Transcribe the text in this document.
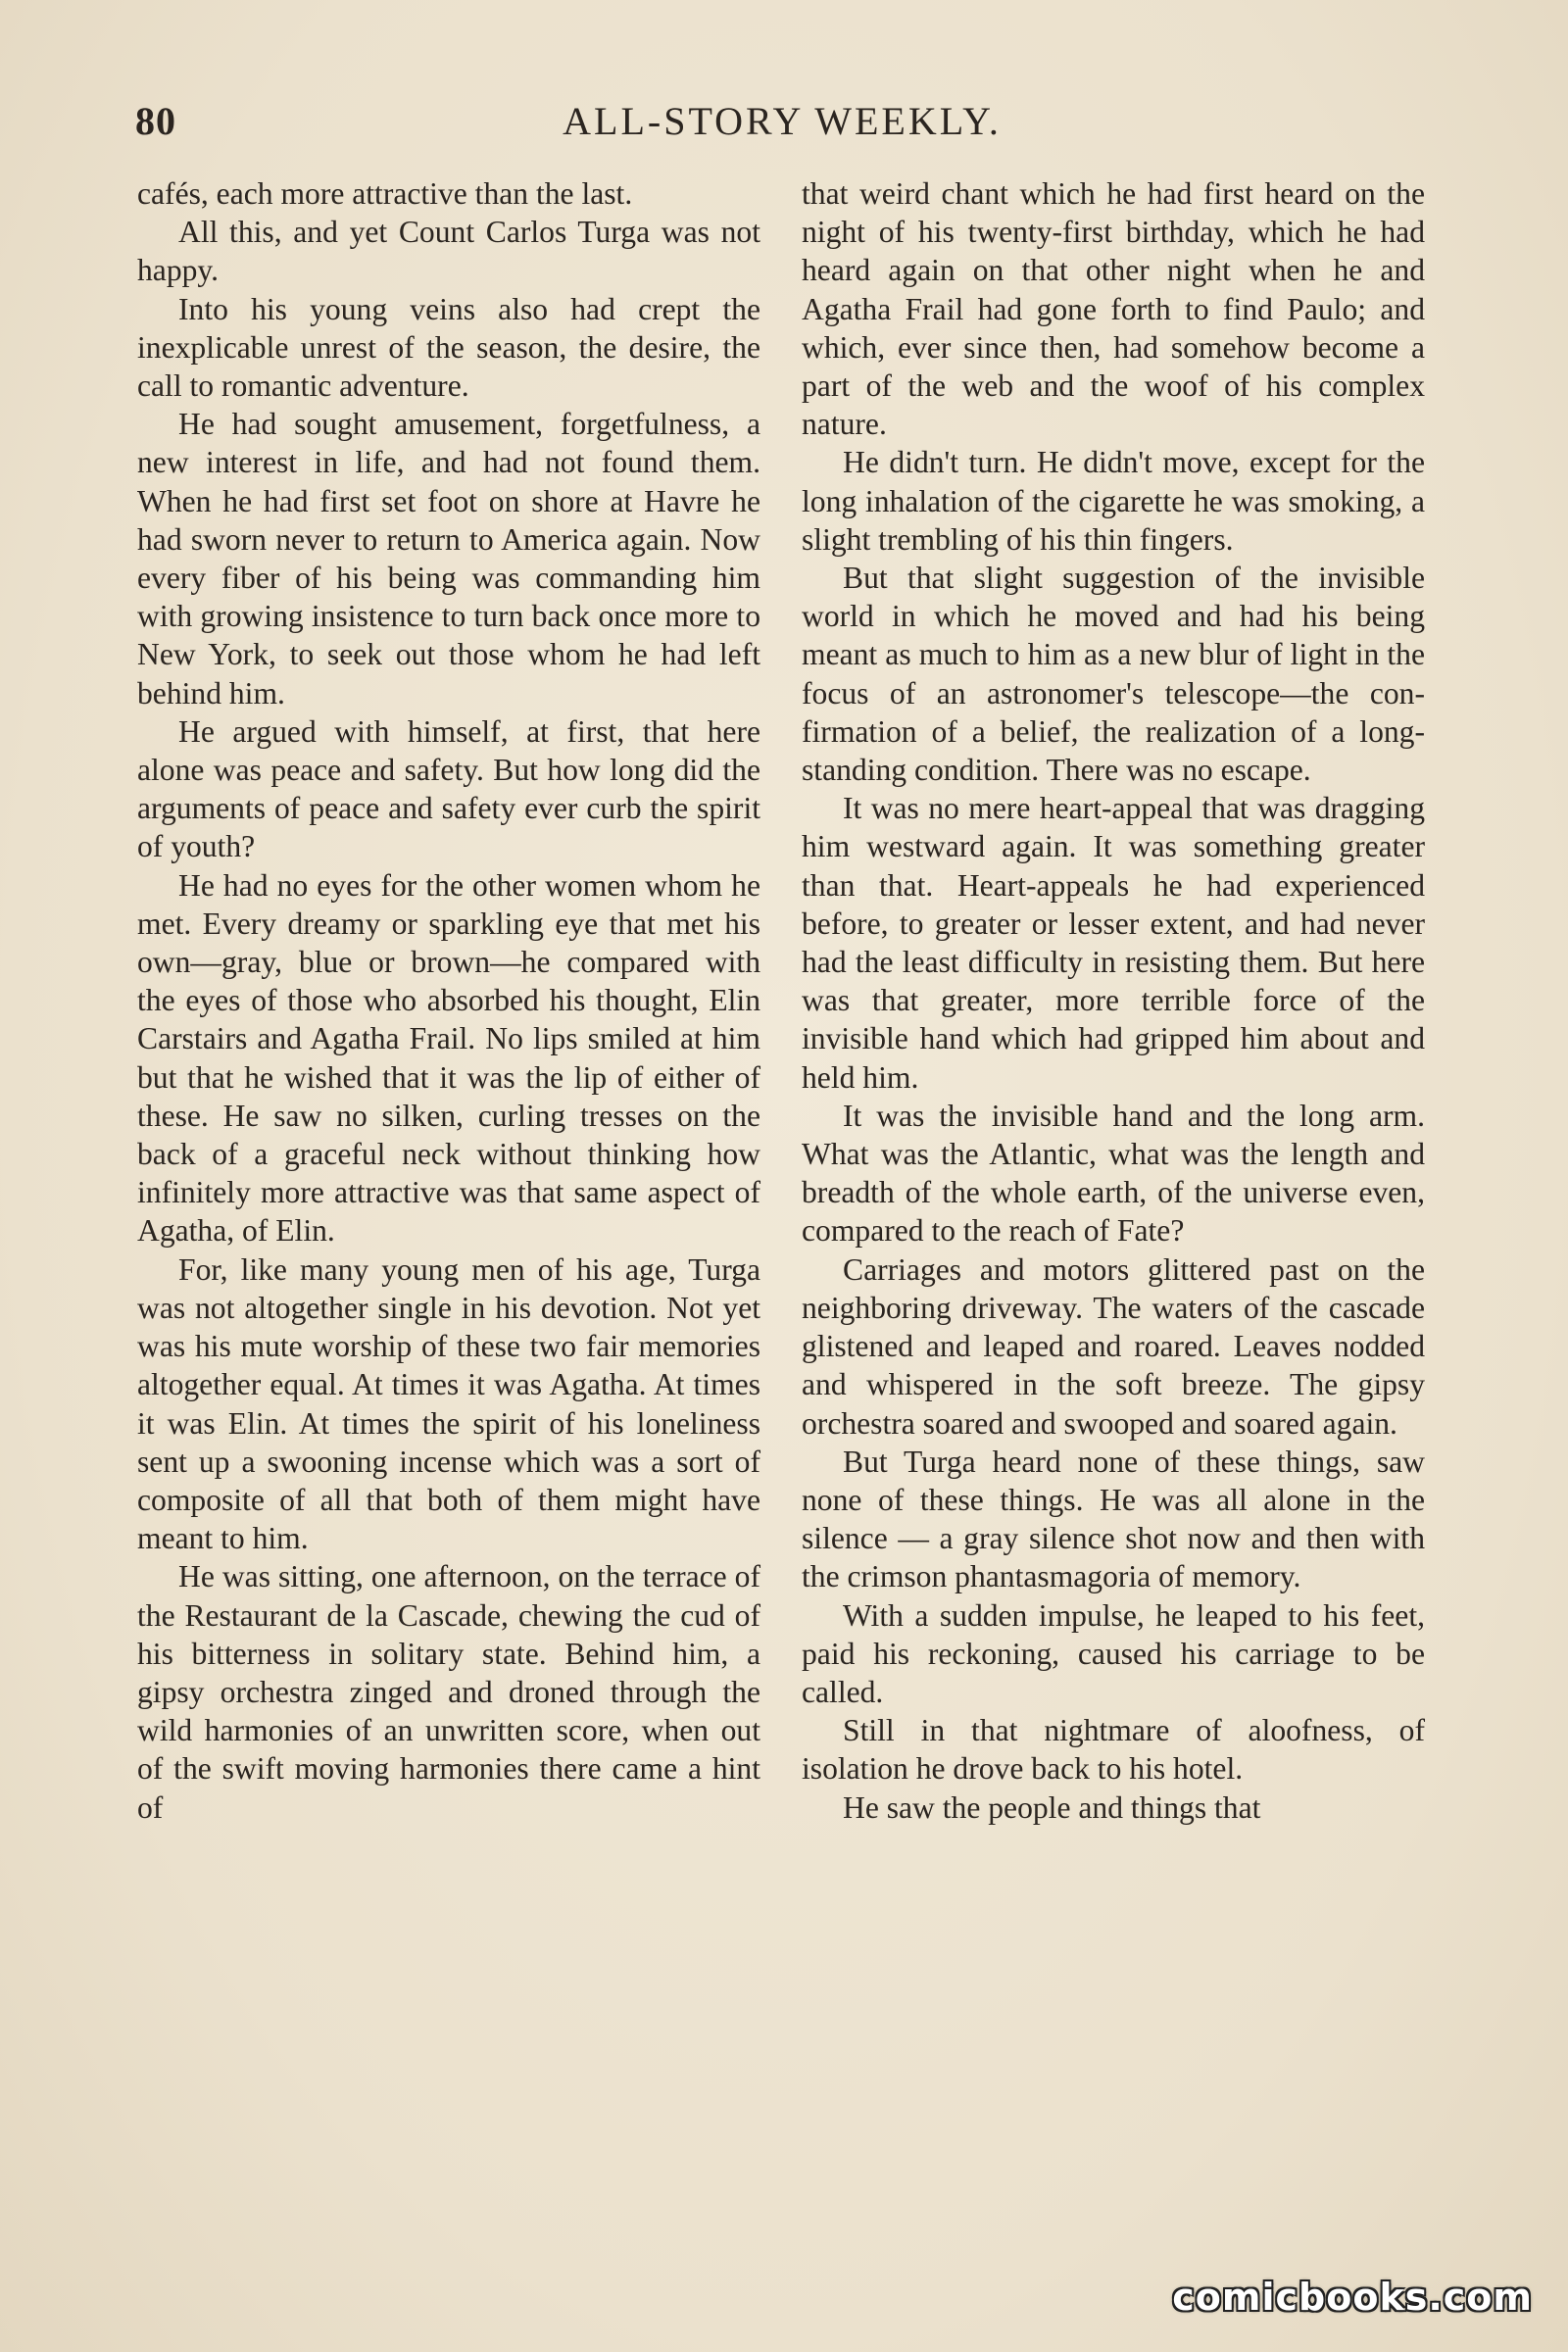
80	ALL-STORY WEEKLY.

cafés, each more attractive than the last.

All this, and yet Count Carlos Turga was not happy.

Into his young veins also had crept the inexplicable unrest of the season, the desire, the call to romantic adventure.

He had sought amusement, forgetfulness, a new interest in life, and had not found them. When he had first set foot on shore at Havre he had sworn never to return to America again. Now every fiber of his being was commanding him with growing insistence to turn back once more to New York, to seek out those whom he had left behind him.

He argued with himself, at first, that here alone was peace and safety. But how long did the arguments of peace and safety ever curb the spirit of youth?

He had no eyes for the other women whom he met. Every dreamy or sparkling eye that met his own—gray, blue or brown—he compared with the eyes of those who absorbed his thought, Elin Carstairs and Agatha Frail. No lips smiled at him but that he wished that it was the lip of either of these. He saw no silken, curling tresses on the back of a graceful neck without thinking how infinitely more attractive was that same aspect of Agatha, of Elin.

For, like many young men of his age, Turga was not altogether single in his devotion. Not yet was his mute worship of these two fair memories altogether equal. At times it was Agatha. At times it was Elin. At times the spirit of his loneliness sent up a swooning incense which was a sort of composite of all that both of them might have meant to him.

He was sitting, one afternoon, on the terrace of the Restaurant de la Cascade, chewing the cud of his bitterness in solitary state. Behind him, a gipsy orchestra zinged and droned through the wild harmonies of an unwritten score, when out of the swift moving harmonies there came a hint of

that weird chant which he had first heard on the night of his twenty-first birthday, which he had heard again on that other night when he and Agatha Frail had gone forth to find Paulo; and which, ever since then, had somehow become a part of the web and the woof of his complex nature.

He didn't turn. He didn't move, except for the long inhalation of the cigarette he was smoking, a slight trembling of his thin fingers.

But that slight suggestion of the invisible world in which he moved and had his being meant as much to him as a new blur of light in the focus of an astronomer's telescope—the confirmation of a belief, the realization of a long-standing condition. There was no escape.

It was no mere heart-appeal that was dragging him westward again. It was something greater than that. Heart-appeals he had experienced before, to greater or lesser extent, and had never had the least difficulty in resisting them. But here was that greater, more terrible force of the invisible hand which had gripped him about and held him.

It was the invisible hand and the long arm. What was the Atlantic, what was the length and breadth of the whole earth, of the universe even, compared to the reach of Fate?

Carriages and motors glittered past on the neighboring driveway. The waters of the cascade glistened and leaped and roared. Leaves nodded and whispered in the soft breeze. The gipsy orchestra soared and swooped and soared again.

But Turga heard none of these things, saw none of these things. He was all alone in the silence — a gray silence shot now and then with the crimson phantasmagoria of memory.

With a sudden impulse, he leaped to his feet, paid his reckoning, caused his carriage to be called.

Still in that nightmare of aloofness, of isolation he drove back to his hotel.

He saw the people and things that

comicbooks.com
